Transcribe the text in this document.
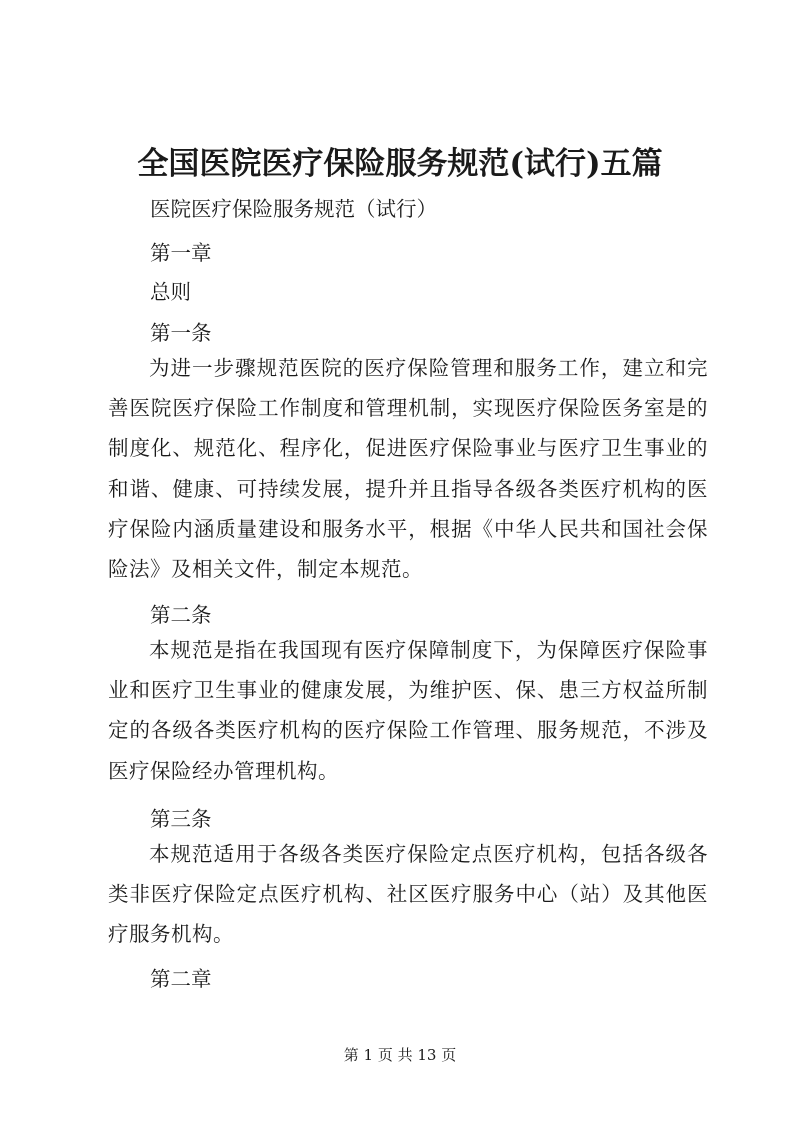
全国医院医疗保险服务规范(试行)五篇

医院医疗保险服务规范（试行）

第一章

总则

第一条

为进一步骤规范医院的医疗保险管理和服务工作，建立和完善医院医疗保险工作制度和管理机制，实现医疗保险医务室是的制度化、规范化、程序化，促进医疗保险事业与医疗卫生事业的和谐、健康、可持续发展，提升并且指导各级各类医疗机构的医疗保险内涵质量建设和服务水平，根据《中华人民共和国社会保险法》及相关文件，制定本规范。

第二条

本规范是指在我国现有医疗保障制度下，为保障医疗保险事业和医疗卫生事业的健康发展，为维护医、保、患三方权益所制定的各级各类医疗机构的医疗保险工作管理、服务规范，不涉及医疗保险经办管理机构。

第三条

本规范适用于各级各类医疗保险定点医疗机构，包括各级各类非医疗保险定点医疗机构、社区医疗服务中心（站）及其他医疗服务机构。

第二章

第 1 页 共 13 页
